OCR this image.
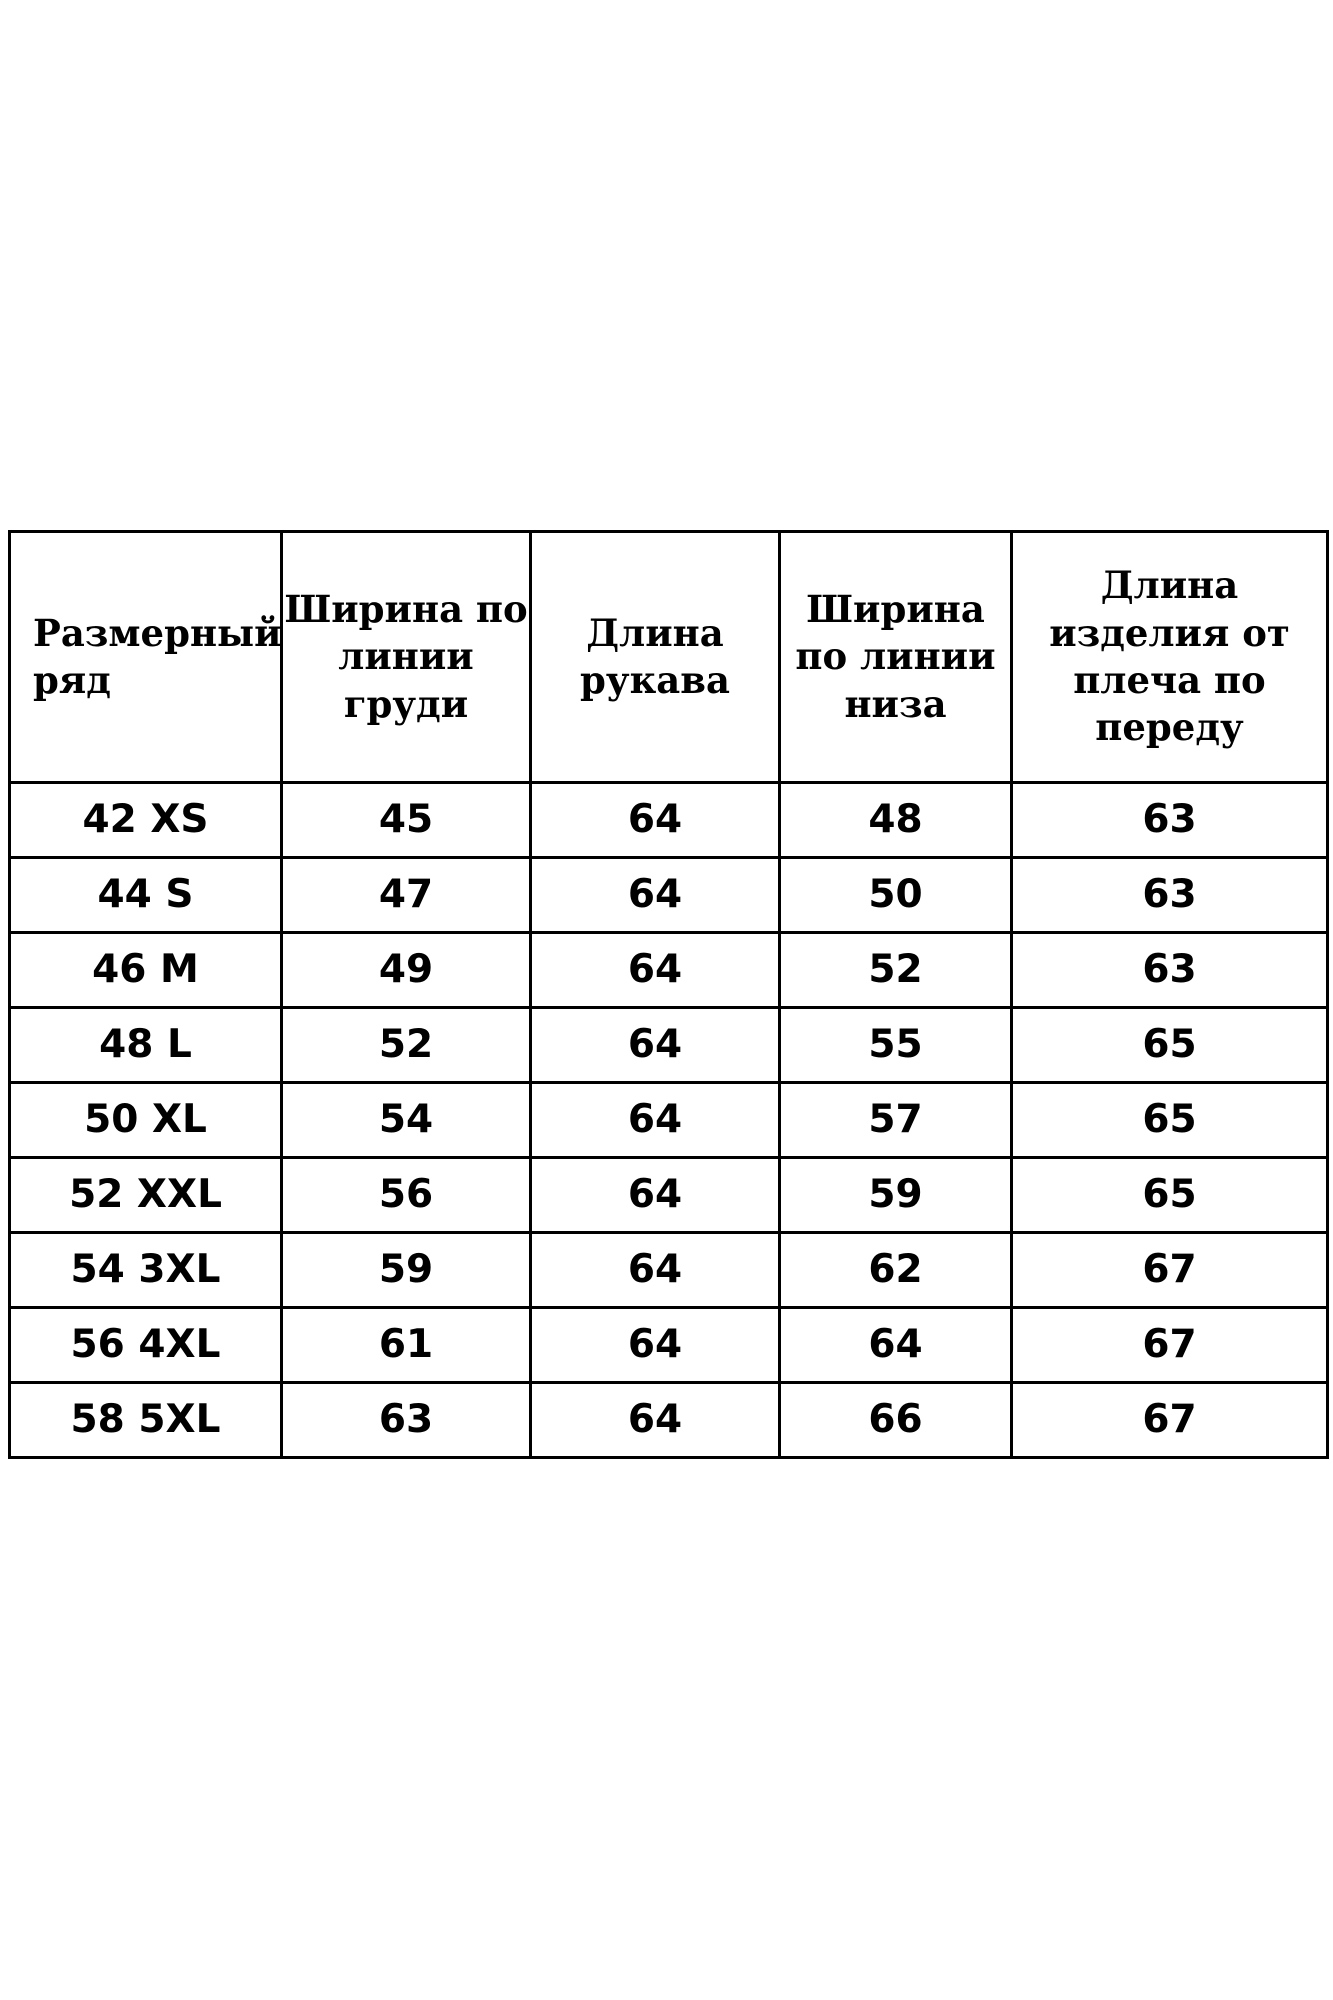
Размерный ряд	Ширина по линии груди	Длина рукава	Ширина по линии низа	Длина изделия от плеча по переду
42 XS	45	64	48	63
44 S	47	64	50	63
46 M	49	64	52	63
48 L	52	64	55	65
50 XL	54	64	57	65
52 XXL	56	64	59	65
54 3XL	59	64	62	67
56 4XL	61	64	64	67
58 5XL	63	64	66	67
